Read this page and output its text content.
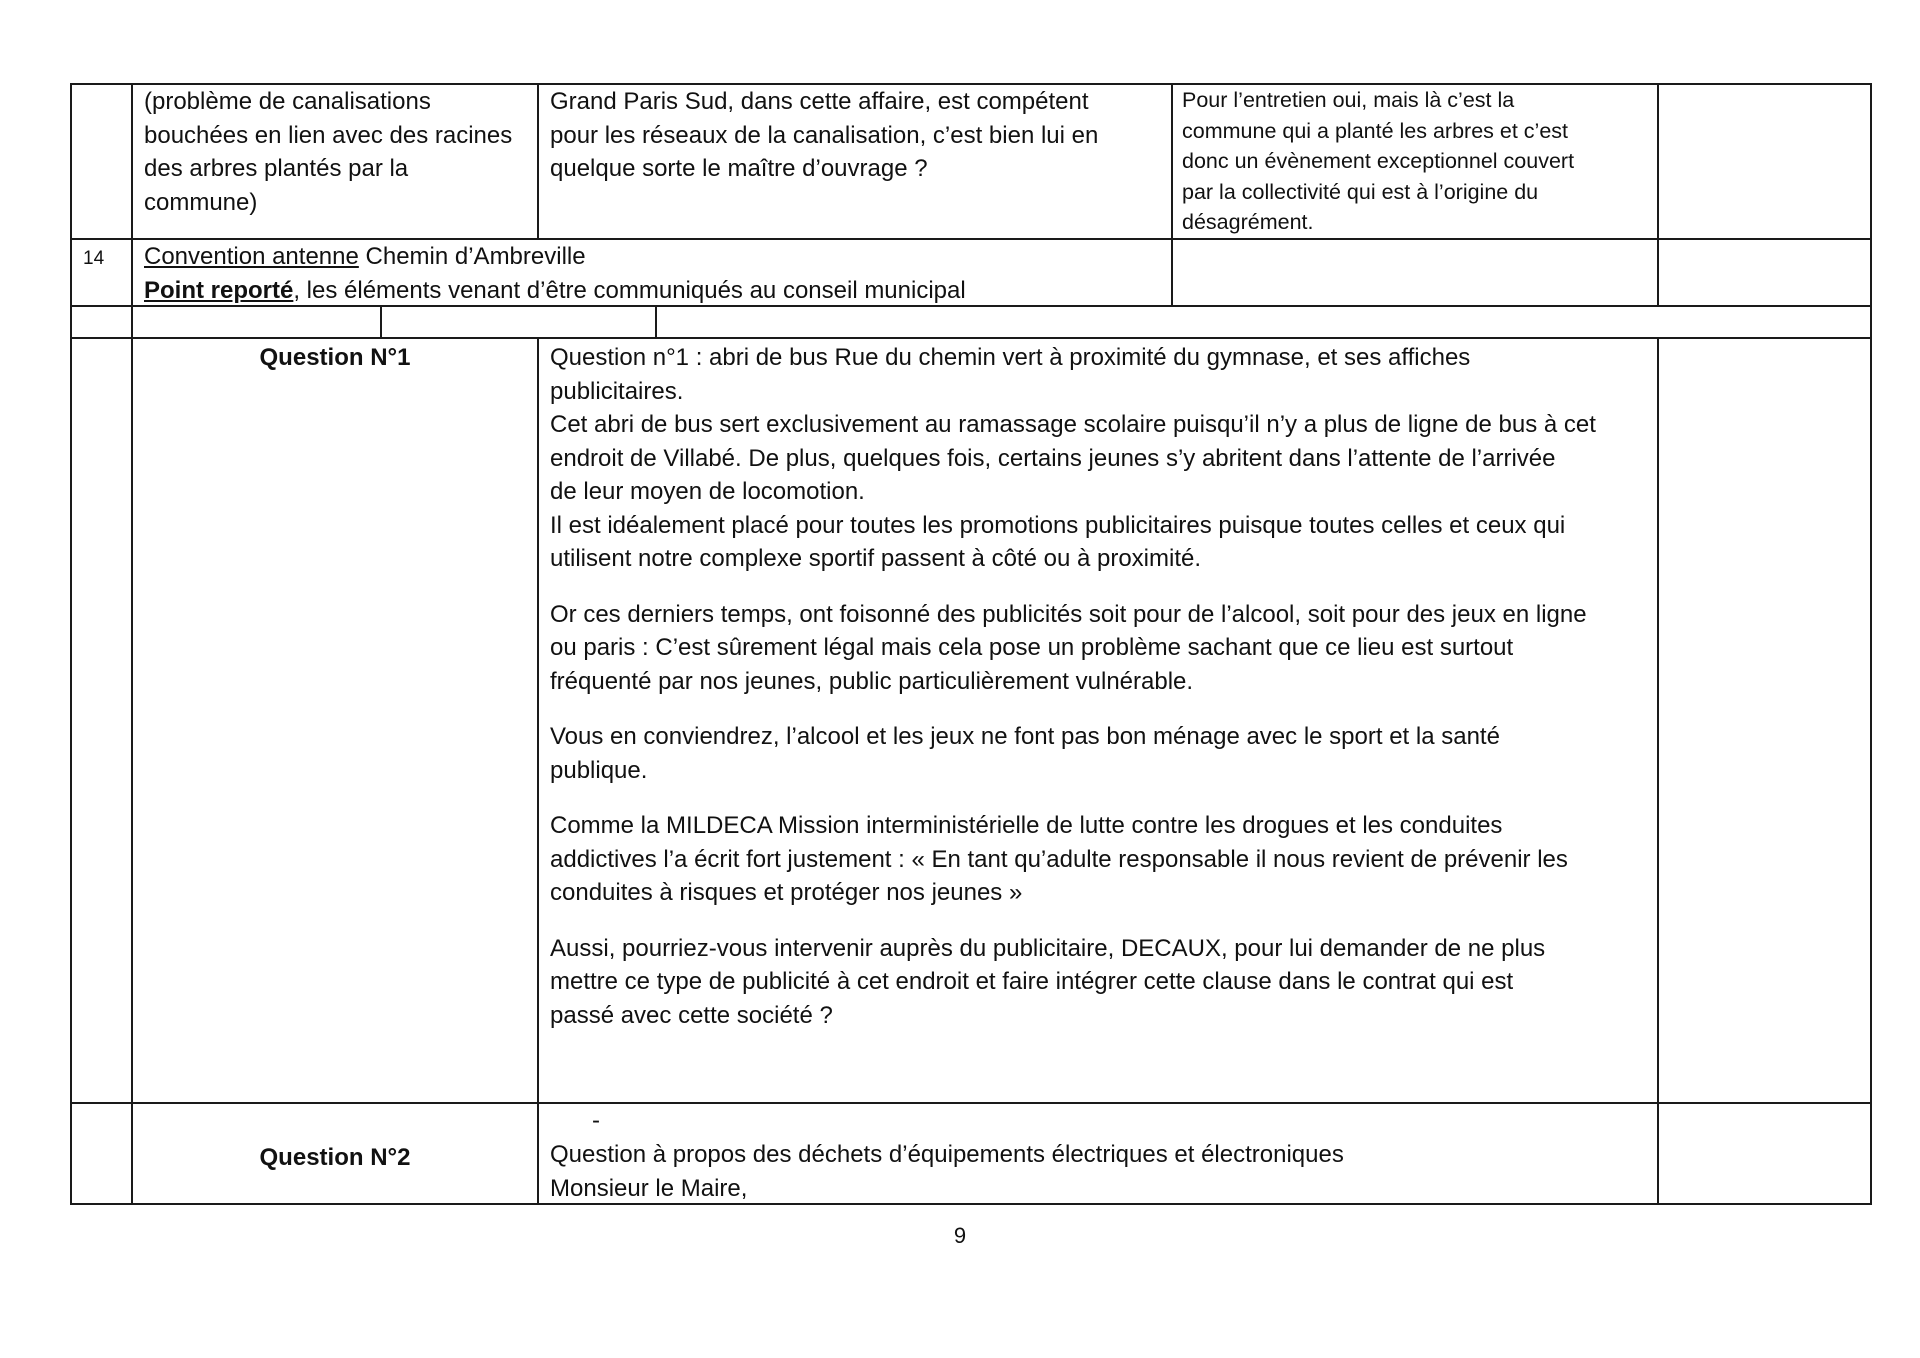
(problème de canalisations
bouchées en lien avec des racines
des arbres plantés par la
commune)
Grand Paris Sud, dans cette affaire, est compétent
pour les réseaux de la canalisation, c’est bien lui en
quelque sorte le maître d’ouvrage ?
Pour l’entretien oui, mais là c’est la
commune qui a planté les arbres et c’est
donc un évènement exceptionnel couvert
par la collectivité qui est à l’origine du
désagrément.
14 Convention antenne Chemin d’Ambreville
Point reporté, les éléments venant d’être communiqués au conseil municipal
Question N°1	Question n°1 : abri de bus Rue du chemin vert à proximité du gymnase, et ses affiches
publicitaires.
Cet abri de bus sert exclusivement au ramassage scolaire puisqu’il n’y a plus de ligne de bus à cet
endroit de Villabé. De plus, quelques fois, certains jeunes s’y abritent dans l’attente de l’arrivée
de leur moyen de locomotion.
Il est idéalement placé pour toutes les promotions publicitaires puisque toutes celles et ceux qui
utilisent notre complexe sportif passent à côté ou à proximité.
Or ces derniers temps, ont foisonné des publicités soit pour de l’alcool, soit pour des jeux en ligne
ou paris : C’est sûrement légal mais cela pose un problème sachant que ce lieu est surtout
fréquenté par nos jeunes, public particulièrement vulnérable.
Vous en conviendrez, l’alcool et les jeux ne font pas bon ménage avec le sport et la santé
publique.
Comme la MILDECA Mission interministérielle de lutte contre les drogues et les conduites
addictives l’a écrit fort justement : « En tant qu’adulte responsable il nous revient de prévenir les
conduites à risques et protéger nos jeunes »
Aussi, pourriez-vous intervenir auprès du publicitaire, DECAUX, pour lui demander de ne plus
mettre ce type de publicité à cet endroit et faire intégrer cette clause dans le contrat qui est
passé avec cette société ?
Question N°2
-
Question à propos des déchets d’équipements électriques et électroniques
Monsieur le Maire,
9
